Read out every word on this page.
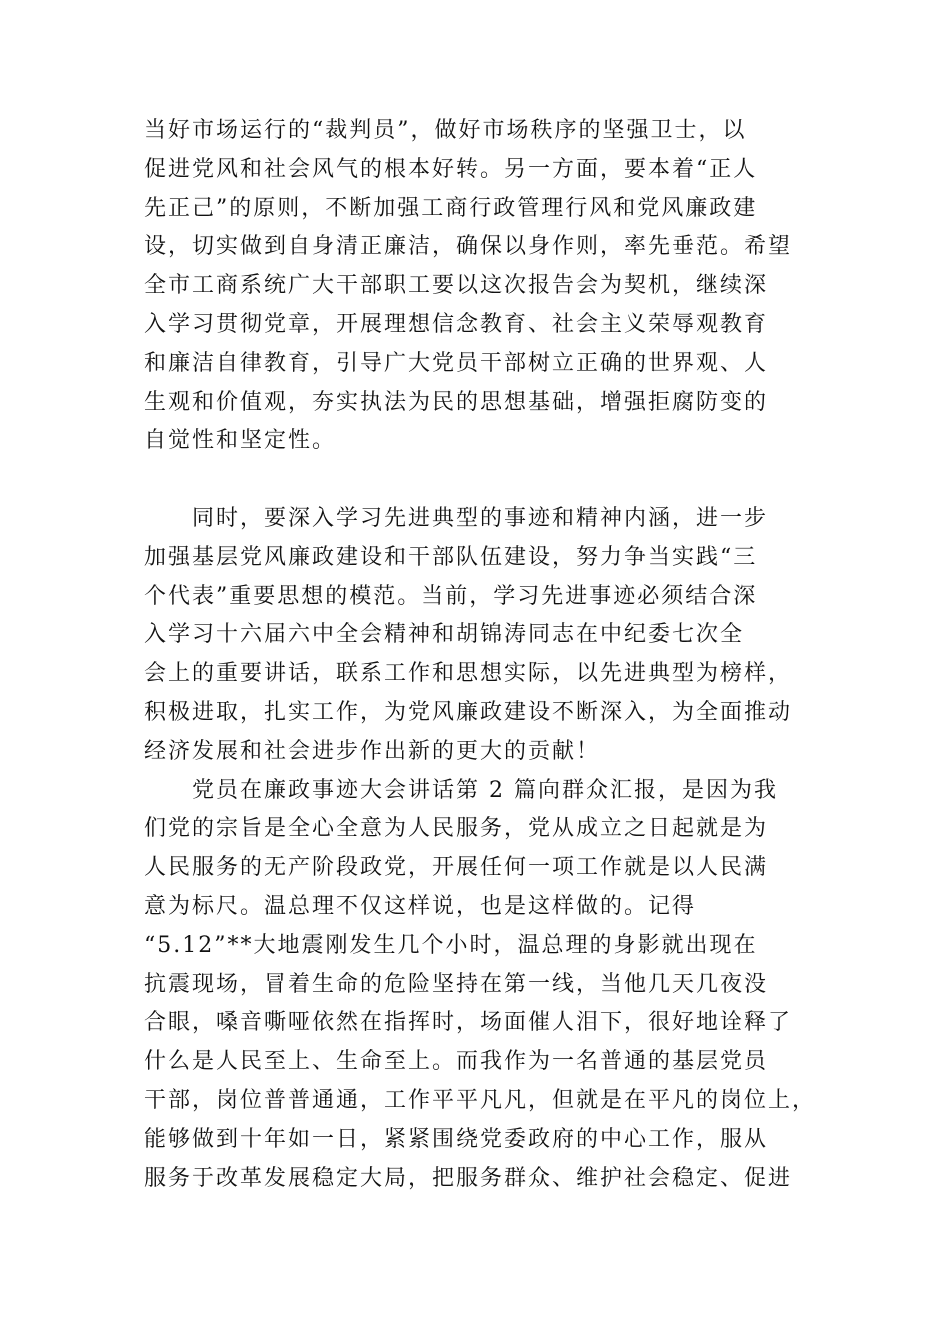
当好市场运行的“裁判员”，做好市场秩序的坚强卫士，以
促进党风和社会风气的根本好转。另一方面，要本着“正人
先正己”的原则，不断加强工商行政管理行风和党风廉政建
设，切实做到自身清正廉洁，确保以身作则，率先垂范。希望
全市工商系统广大干部职工要以这次报告会为契机，继续深
入学习贯彻党章，开展理想信念教育、社会主义荣辱观教育
和廉洁自律教育，引导广大党员干部树立正确的世界观、人
生观和价值观，夯实执法为民的思想基础，增强拒腐防变的
自觉性和坚定性。
　　同时，要深入学习先进典型的事迹和精神内涵，进一步
加强基层党风廉政建设和干部队伍建设，努力争当实践“三
个代表”重要思想的模范。当前，学习先进事迹必须结合深
入学习十六届六中全会精神和胡锦涛同志在中纪委七次全
会上的重要讲话，联系工作和思想实际，以先进典型为榜样，
积极进取，扎实工作，为党风廉政建设不断深入，为全面推动
经济发展和社会进步作出新的更大的贡献！
　　党员在廉政事迹大会讲话第 2 篇向群众汇报，是因为我
们党的宗旨是全心全意为人民服务，党从成立之日起就是为
人民服务的无产阶段政党，开展任何一项工作就是以人民满
意为标尺。温总理不仅这样说，也是这样做的。记得
“5.12”**大地震刚发生几个小时，温总理的身影就出现在
抗震现场，冒着生命的危险坚持在第一线，当他几天几夜没
合眼，嗓音嘶哑依然在指挥时，场面催人泪下，很好地诠释了
什么是人民至上、生命至上。而我作为一名普通的基层党员
干部，岗位普普通通，工作平平凡凡，但就是在平凡的岗位上，
能够做到十年如一日，紧紧围绕党委政府的中心工作，服从
服务于改革发展稳定大局，把服务群众、维护社会稳定、促进
